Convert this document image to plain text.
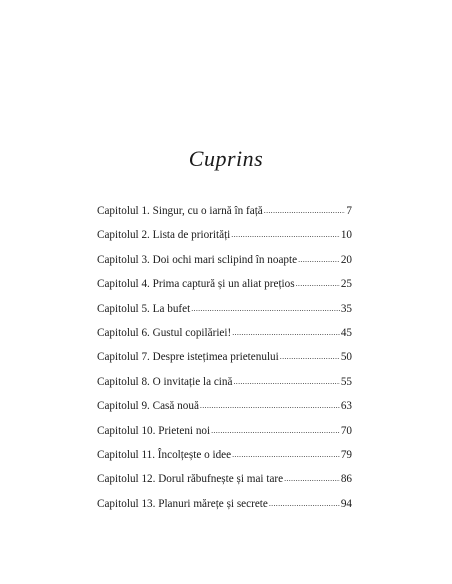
Cuprins
Capitolul 1. Singur, cu o iarnă în față .....	7
Capitolul 2. Lista de priorități .....	10
Capitolul 3. Doi ochi mari sclipind în noapte .....	20
Capitolul 4. Prima captură și un aliat prețios .....	25
Capitolul 5. La bufet .....	35
Capitolul 6. Gustul copilăriei! .....	45
Capitolul 7. Despre istețimea prietenului .....	50
Capitolul 8. O invitație la cină .....	55
Capitolul 9. Casă nouă .....	63
Capitolul 10. Prieteni noi .....	70
Capitolul 11. Încolțește o idee .....	79
Capitolul 12. Dorul răbufnește și mai tare .....	86
Capitolul 13. Planuri mărețe și secrete .....	94
